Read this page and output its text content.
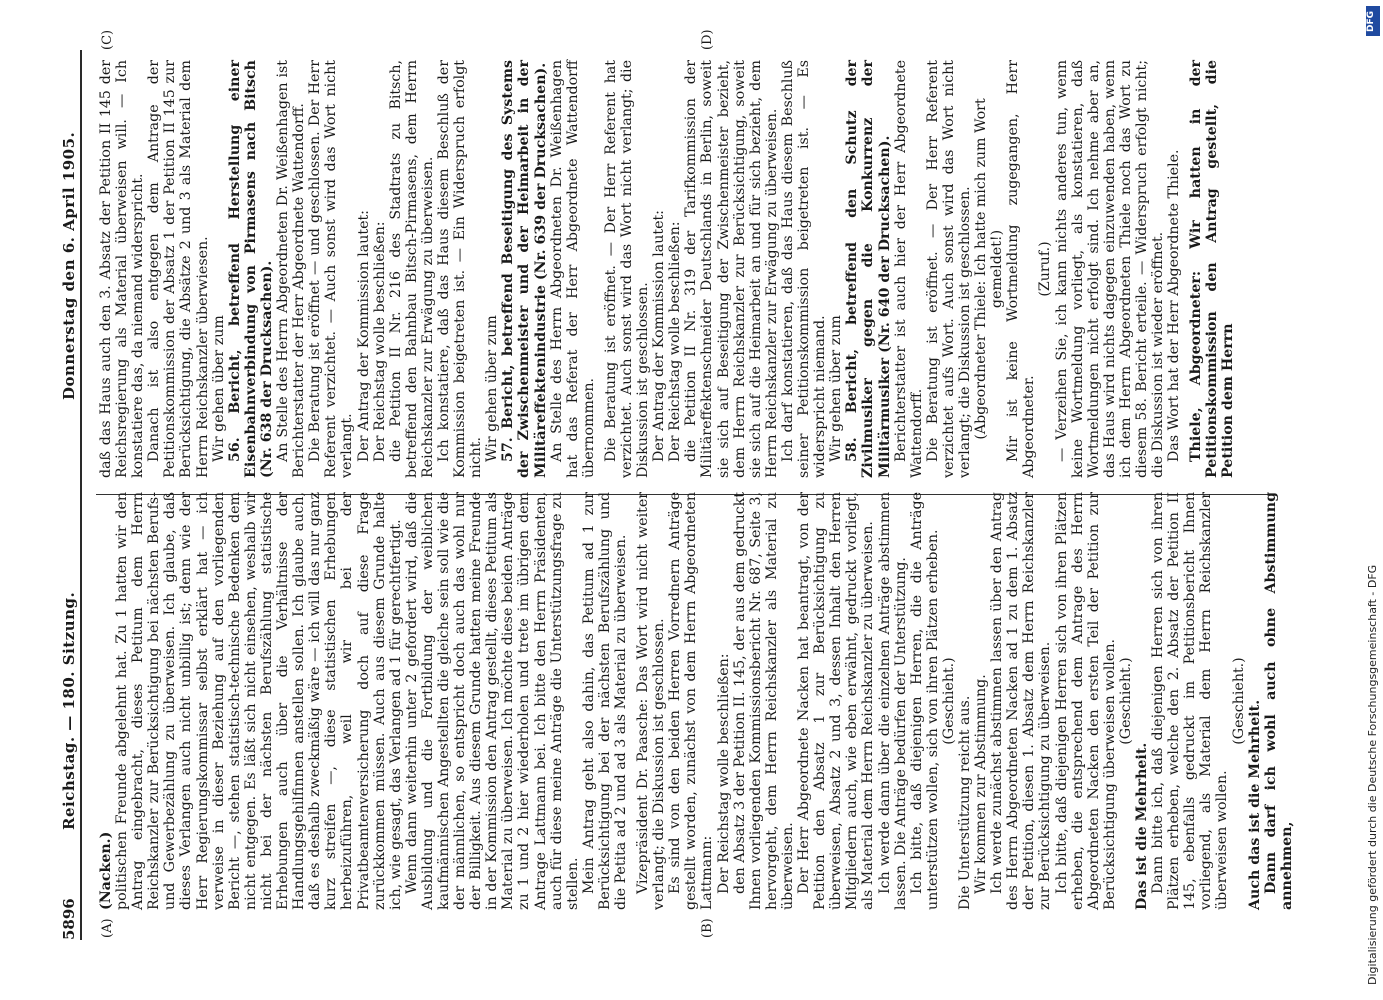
5896
Reichstag. — 180. Sitzung.
Donnerstag den 6. April 1905.
(A)	(B)
(C)	(D)

(Nacken.) politischen Freunde abgelehnt hat. Zu 1 hatten wir den Antrag eingebracht, dieses Petitum dem Herrn Reichskanzler zur Berücksichtigung bei nächsten Berufs- und Gewerbezählung zu überweisen. Ich glaube, daß dieses Verlangen auch nicht unbillig ist; denn wie der Herr Regierungskommissar selbst erklärt hat — ich verweise in dieser Beziehung auf den vorliegenden Bericht —, stehen statistisch-technische Bedenken dem nicht entgegen. Es läßt sich nicht einsehen, weshalb wir nicht bei der nächsten Berufszählung statistische Erhebungen auch über die Verhältnisse der Handlungsgehilfinnen anstellen sollen. Ich glaube auch, daß es deshalb zweckmäßig wäre — ich will das nur ganz kurz streifen —, diese statistischen Erhebungen herbeizuführen, weil wir bei der Privatbeamtenversicherung doch auf diese Frage zurückkommen müssen. Auch aus diesem Grunde halte ich, wie gesagt, das Verlangen ad 1 für gerechtfertigt. Wenn dann weiterhin unter 2 gefordert wird, daß die Ausbildung und die Fortbildung der weiblichen kaufmännischen Angestellten die gleiche sein soll wie die der männlichen, so entspricht doch auch das wohl nur der Billigkeit. Aus diesem Grunde hatten meine Freunde in der Kommission den Antrag gestellt, dieses Petitum als Material zu überweisen. Ich möchte diese beiden Anträge zu 1 und 2 hier wiederholen und trete im übrigen dem Antrage Lattmann bei. Ich bitte den Herrn Präsidenten, auch für diese meine Anträge die Unterstützungsfrage zu stellen. Mein Antrag geht also dahin, das Petitum ad 1 zur Berücksichtigung bei der nächsten Berufszählung und die Petita ad 2 und ad 3 als Material zu überweisen. Vizepräsident Dr. Paasche: Das Wort wird nicht weiter verlangt; die Diskussion ist geschlossen. Es sind von den beiden Herren Vorrednern Anträge gestellt worden, zunächst von dem Herrn Abgeordneten Lattmann: Der Reichstag wolle beschließen: den Absatz 3 der Petition II. 145, der aus dem gedruckt Ihnen vorliegenden Kommissionsbericht Nr. 687, Seite 3, hervorgeht, dem Herrn Reichskanzler als Material zu überweisen. Der Herr Abgeordnete Nacken hat beantragt, von der Petition den Absatz 1 zur Berücksichtigung zu überweisen, Absatz 2 und 3, dessen Inhalt den Herren Mitgliedern auch, wie eben erwähnt, gedruckt vorliegt, als Material dem Herrn Reichskanzler zu überweisen. Ich werde dann über die einzelnen Anträge abstimmen lassen. Die Anträge bedürfen der Unterstützung. Ich bitte, daß diejenigen Herren, die die Anträge unterstützen wollen, sich von ihren Plätzen erheben. (Geschieht.) Die Unterstützung reicht aus. Wir kommen zur Abstimmung. Ich werde zunächst abstimmen lassen über den Antrag des Herrn Abgeordneten Nacken ad 1 zu dem 1. Absatz der Petition, diesen 1. Absatz dem Herrn Reichskanzler zur Berücksichtigung zu überweisen. Ich bitte, daß diejenigen Herren sich von ihren Plätzen erheben, die entsprechend dem Antrage des Herrn Abgeordneten Nacken den ersten Teil der Petition zur Berücksichtigung überweisen wollen. (Geschieht.)

Das ist die Mehrheit. Dann bitte ich, daß diejenigen Herren sich von ihren Plätzen erheben, welche den 2. Absatz der Petition II 145, ebenfalls gedruckt im Petitionsbericht Ihnen vorliegend, als Material dem Herrn Reichskanzler überweisen wollen.

(Geschieht.) Auch das ist die Mehrheit. Dann darf ich wohl auch ohne Abstimmung annehmen,

daß das Haus auch den 3. Absatz der Petition II 145 der Reichsregierung als Material überweisen will. — Ich konstatiere das, da niemand widerspricht. Danach ist also entgegen dem Antrage der Petitionskommission der Absatz 1 der Petition II 145 zur Berücksichtigung, die Absätze 2 und 3 als Material dem Herrn Reichskanzler überwiesen. Wir gehen über zum 56. Bericht, betreffend Herstellung einer Eisenbahnverbindung von Pirmasens nach Bitsch (Nr. 638 der Drucksachen). An Stelle des Herrn Abgeordneten Dr. Weißenhagen ist Berichterstatter der Herr Abgeordnete Wattendorff. Die Beratung ist eröffnet — und geschlossen. Der Herr Referent verzichtet. — Auch sonst wird das Wort nicht verlangt. Der Antrag der Kommission lautet: Der Reichstag wolle beschließen: die Petition II Nr. 216 des Stadtrats zu Bitsch, betreffend den Bahnbau Bitsch-Pirmasens, dem Herrn Reichskanzler zur Erwägung zu überweisen. Ich konstatiere, daß das Haus diesem Beschluß der Kommission beigetreten ist. — Ein Widerspruch erfolgt nicht. Wir gehen über zum 57. Bericht, betreffend Beseitigung des Systems der Zwischenmeister und der Heimarbeit in der Militäreffektenindustrie (Nr. 639 der Drucksachen). An Stelle des Herrn Abgeordneten Dr. Weißenhagen hat das Referat der Herr Abgeordnete Wattendorff übernommen. Die Beratung ist eröffnet. — Der Herr Referent hat verzichtet. Auch sonst wird das Wort nicht verlangt; die Diskussion ist geschlossen. Der Antrag der Kommission lautet: Der Reichstag wolle beschließen: die Petition II Nr. 319 der Tarifkommission der Militäreffektenschneider Deutschlands in Berlin, soweit sie sich auf Beseitigung der Zwischenmeister bezieht, dem Herrn Reichskanzler zur Berücksichtigung, soweit sie sich auf die Heimarbeit an und für sich bezieht, dem Herrn Reichskanzler zur Erwägung zu überweisen. Ich darf konstatieren, daß das Haus diesem Beschluß seiner Petitionskommission beigetreten ist. — Es widerspricht niemand. Wir gehen über zum 58. Bericht, betreffend den Schutz der Zivilmusiker gegen die Konkurrenz der Militärmusiker (Nr. 640 der Drucksachen). Berichterstatter ist auch hier der Herr Abgeordnete Wattendorff. Die Beratung ist eröffnet. — Der Herr Referent verzichtet aufs Wort. Auch sonst wird das Wort nicht verlangt; die Diskussion ist geschlossen. (Abgeordneter Thiele: Ich hatte mich zum Wort gemeldet!) Mir ist keine Wortmeldung zugegangen, Herr Abgeordneter.

(Zuruf.) — Verzeihen Sie, ich kann nichts anderes tun, wenn keine Wortmeldung vorliegt, als konstatieren, daß Wortmeldungen nicht erfolgt sind. Ich nehme aber an, das Haus wird nichts dagegen einzuwenden haben, wenn ich dem Herrn Abgeordneten Thiele noch das Wort zu diesem 58. Bericht erteile. — Widerspruch erfolgt nicht; die Diskussion ist wieder eröffnet. Das Wort hat der Herr Abgeordnete Thiele. Thiele, Abgeordneter: Wir hatten in der Petitionskommission den Antrag gestellt, die Petition dem Herrn

DFG
Digitalisierung gefördert durch die Deutsche Forschungsgemeinschaft - DFG
